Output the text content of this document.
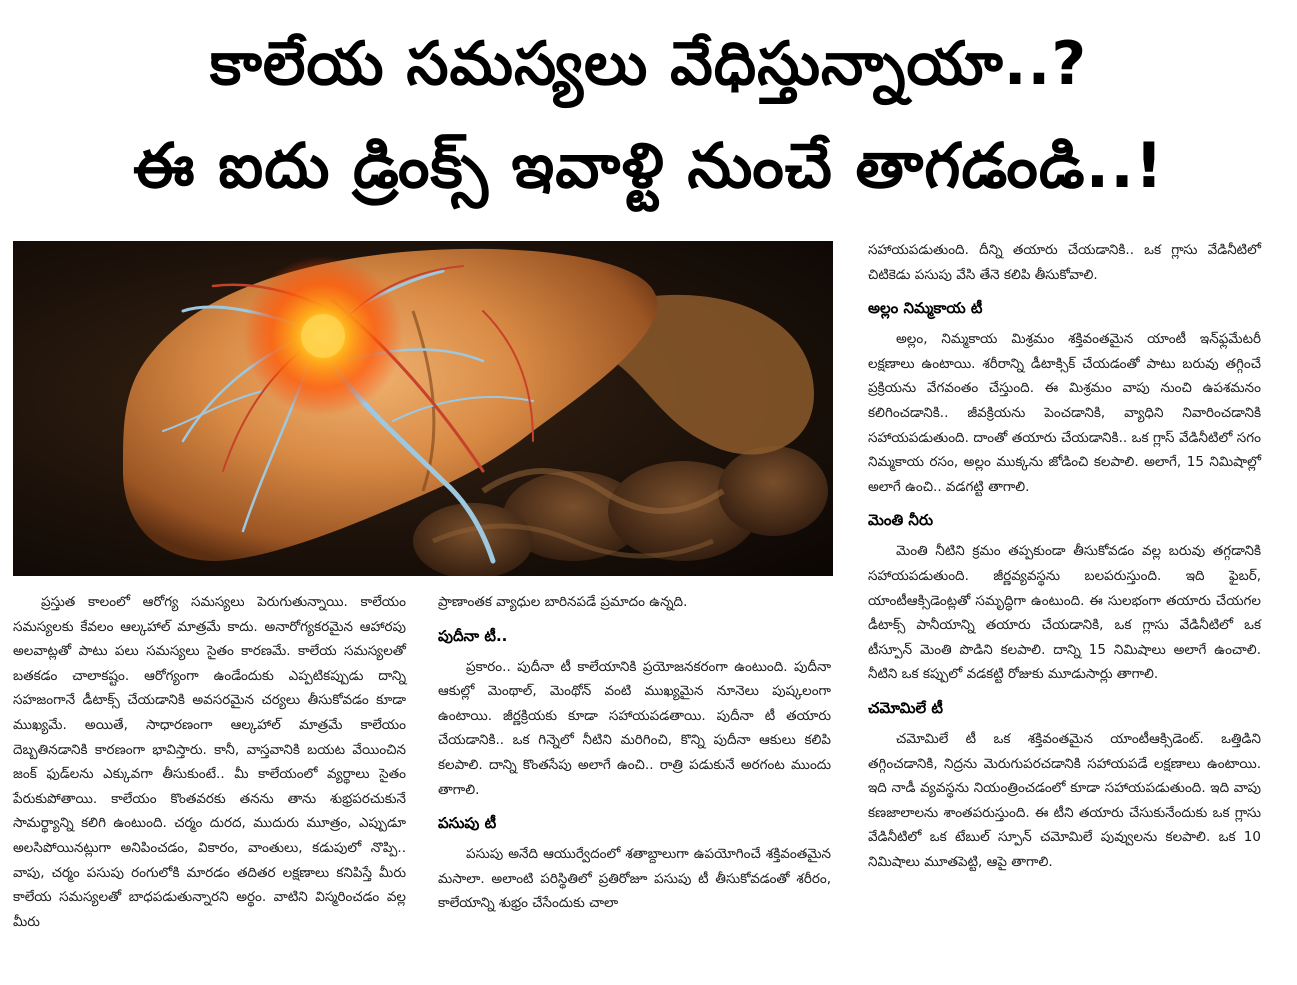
కాలేయ సమస్యలు వేధిస్తున్నాయా..?
ఈ ఐదు డ్రింక్స్ ఇవాళ్టి నుంచే తాగడండి..!

ప్రస్తుత కాలంలో ఆరోగ్య సమస్యలు పెరుగుతున్నాయి. కాలేయం సమస్యలకు కేవలం ఆల్కహాల్ మాత్రమే కాదు. అనారోగ్యకరమైన ఆహారపు అలవాట్లతో పాటు పలు సమస్యలు సైతం కారణమే. కాలేయ సమస్యలతో బతకడం చాలాకష్టం. ఆరోగ్యంగా ఉండేందుకు ఎప్పటికప్పుడు దాన్ని సహజంగానే డీటాక్స్ చేయడానికి అవసరమైన చర్యలు తీసుకోవడం కూడా ముఖ్యమే. అయితే, సాధారణంగా ఆల్కహాల్ మాత్రమే కాలేయం దెబ్బతినడానికి కారణంగా భావిస్తారు. కానీ, వాస్తవానికి బయట వేయించిన జంక్ ఫుడ్‌లను ఎక్కువగా తీసుకుంటే.. మీ కాలేయంలో వ్యర్థాలు సైతం పేరుకుపోతాయి. కాలేయం కొంతవరకు తనను తాను శుభ్రపరచుకునే సామర్థ్యాన్ని కలిగి ఉంటుంది. చర్మం దురద, ముదురు మూత్రం, ఎప్పుడూ అలసిపోయినట్లుగా అనిపించడం, వికారం, వాంతులు, కడుపులో నొప్పి.. వాపు, చర్మం పసుపు రంగులోకి మారడం తదితర లక్షణాలు కనిపిస్తే మీరు కాలేయ సమస్యలతో బాధపడుతున్నారని అర్థం. వాటిని విస్మరించడం వల్ల మీరు

ప్రాణాంతక వ్యాధుల బారినపడే ప్రమాదం ఉన్నది.

పుదీనా టీ..

ప్రకారం.. పుదీనా టీ కాలేయానికి ప్రయోజనకరంగా ఉంటుంది. పుదీనా ఆకుల్లో మెంథాల్, మెంథోన్ వంటి ముఖ్యమైన నూనెలు పుష్కలంగా ఉంటాయి. జీర్ణక్రియకు కూడా సహాయపడతాయి. పుదీనా టీ తయారు చేయడానికి.. ఒక గిన్నెలో నీటిని మరిగించి, కొన్ని పుదీనా ఆకులు కలిపి కలపాలి. దాన్ని కొంతసేపు అలాగే ఉంచి.. రాత్రి పడుకునే అరగంట ముందు తాగాలి.

పసుపు టీ

పసుపు అనేది ఆయుర్వేదంలో శతాబ్దాలుగా ఉపయోగించే శక్తివంతమైన మసాలా. అలాంటి పరిస్థితిలో ప్రతిరోజూ పసుపు టీ తీసుకోవడంతో శరీరం, కాలేయాన్ని శుభ్రం చేసేందుకు చాలా

సహాయపడుతుంది. దీన్ని తయారు చేయడానికి.. ఒక గ్లాసు వేడినీటిలో చిటికెడు పసుపు వేసి తేనె కలిపి తీసుకోవాలి.

అల్లం నిమ్మకాయ టీ

అల్లం, నిమ్మకాయ మిశ్రమం శక్తివంతమైన యాంటీ ఇన్‌ఫ్లమేటరీ లక్షణాలు ఉంటాయి. శరీరాన్ని డీటాక్సిక్ చేయడంతో పాటు బరువు తగ్గించే ప్రక్రియను వేగవంతం చేస్తుంది. ఈ మిశ్రమం వాపు నుంచి ఉపశమనం కలిగించడానికి.. జీవక్రియను పెంచడానికి, వ్యాధిని నివారించడానికి సహాయపడుతుంది. దాంతో తయారు చేయడానికి.. ఒక గ్లాస్ వేడినీటిలో సగం నిమ్మకాయ రసం, అల్లం ముక్కను జోడించి కలపాలి. అలాగే, 15 నిమిషాల్లో అలాగే ఉంచి.. వడగట్టి తాగాలి.

మెంతి నీరు

మెంతి నీటిని క్రమం తప్పకుండా తీసుకోవడం వల్ల బరువు తగ్గడానికి సహాయపడుతుంది. జీర్ణవ్యవస్థను బలపరుస్తుంది. ఇది ఫైబర్, యాంటీఆక్సిడెంట్లతో సమృద్ధిగా ఉంటుంది. ఈ సులభంగా తయారు చేయగల డీటాక్స్ పానీయాన్ని తయారు చేయడానికి, ఒక గ్లాసు వేడినీటిలో ఒక టీస్పూన్ మెంతి పొడిని కలపాలి. దాన్ని 15 నిమిషాలు అలాగే ఉంచాలి. నీటిని ఒక కప్పులో వడకట్టి రోజుకు మూడుసార్లు తాగాలి.

చమోమిలే టీ

చమోమిలే టీ ఒక శక్తివంతమైన యాంటీఆక్సిడెంట్. ఒత్తిడిని తగ్గించడానికి, నిద్రను మెరుగుపరచడానికి సహాయపడే లక్షణాలు ఉంటాయి. ఇది నాడీ వ్యవస్థను నియంత్రించడంలో కూడా సహాయపడుతుంది. ఇది వాపు కణజాలాలను శాంతపరుస్తుంది. ఈ టీని తయారు చేసుకునేందుకు ఒక గ్లాసు వేడినీటిలో ఒక టేబుల్ స్పూన్ చమోమిలే పువ్వులను కలపాలి. ఒక 10 నిమిషాలు మూతపెట్టి, ఆపై తాగాలి.
